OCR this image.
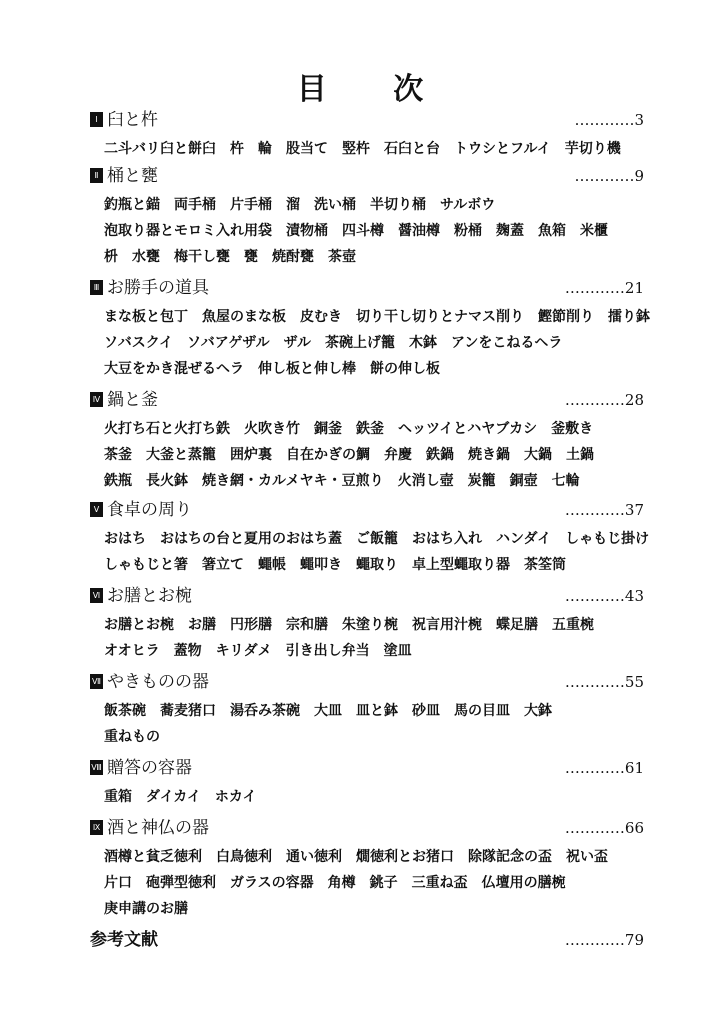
目 次
Ⅰ 臼と杵	…………3
二斗バリ臼と餅臼 杵 輪 股当て 竪杵 石臼と台 トウシとフルイ 芋切り機
Ⅱ 桶と甕	…………9
釣瓶と錨 両手桶 片手桶 溜 洗い桶 半切り桶 サルボウ
泡取り器とモロミ入れ用袋 漬物桶 四斗樽 醤油樽 粉桶 麹蓋 魚箱 米櫃
枡 水甕 梅干し甕 甕 焼酎甕 茶壺
Ⅲ お勝手の道具	…………21
まな板と包丁 魚屋のまな板 皮むき 切り干し切りとナマス削り 鰹節削り 擂り鉢
ソバスクイ ソバアゲザル ザル 茶碗上げ籠 木鉢 アンをこねるヘラ
大豆をかき混ぜるヘラ 伸し板と伸し棒 餅の伸し板
Ⅳ 鍋と釜	…………28
火打ち石と火打ち鉄 火吹き竹 銅釜 鉄釜 ヘッツイとハヤブカシ 釜敷き
茶釜 大釜と蒸籠 囲炉裏 自在かぎの鯛 弁慶 鉄鍋 焼き鍋 大鍋 土鍋
鉄瓶 長火鉢 焼き網・カルメヤキ・豆煎り 火消し壺 炭籠 銅壺 七輪
Ⅴ 食卓の周り	…………37
おはち おはちの台と夏用のおはち蓋 ご飯籠 おはち入れ ハンダイ しゃもじ掛け
しゃもじと箸 箸立て 蠅帳 蠅叩き 蠅取り 卓上型蠅取り器 茶筌筒
Ⅵ お膳とお椀	…………43
お膳とお椀 お膳 円形膳 宗和膳 朱塗り椀 祝言用汁椀 蝶足膳 五重椀
オオヒラ 蓋物 キリダメ 引き出し弁当 塗皿
Ⅶ やきものの器	…………55
飯茶碗 蕎麦猪口 湯呑み茶碗 大皿 皿と鉢 砂皿 馬の目皿 大鉢
重ねもの
Ⅷ 贈答の容器	…………61
重箱 ダイカイ ホカイ
Ⅸ 酒と神仏の器	…………66
酒樽と貧乏徳利 白鳥徳利 通い徳利 燗徳利とお猪口 除隊記念の盃 祝い盃
片口 砲弾型徳利 ガラスの容器 角樽 銚子 三重ね盃 仏壇用の膳椀
庚申講のお膳
参考文献	…………79
